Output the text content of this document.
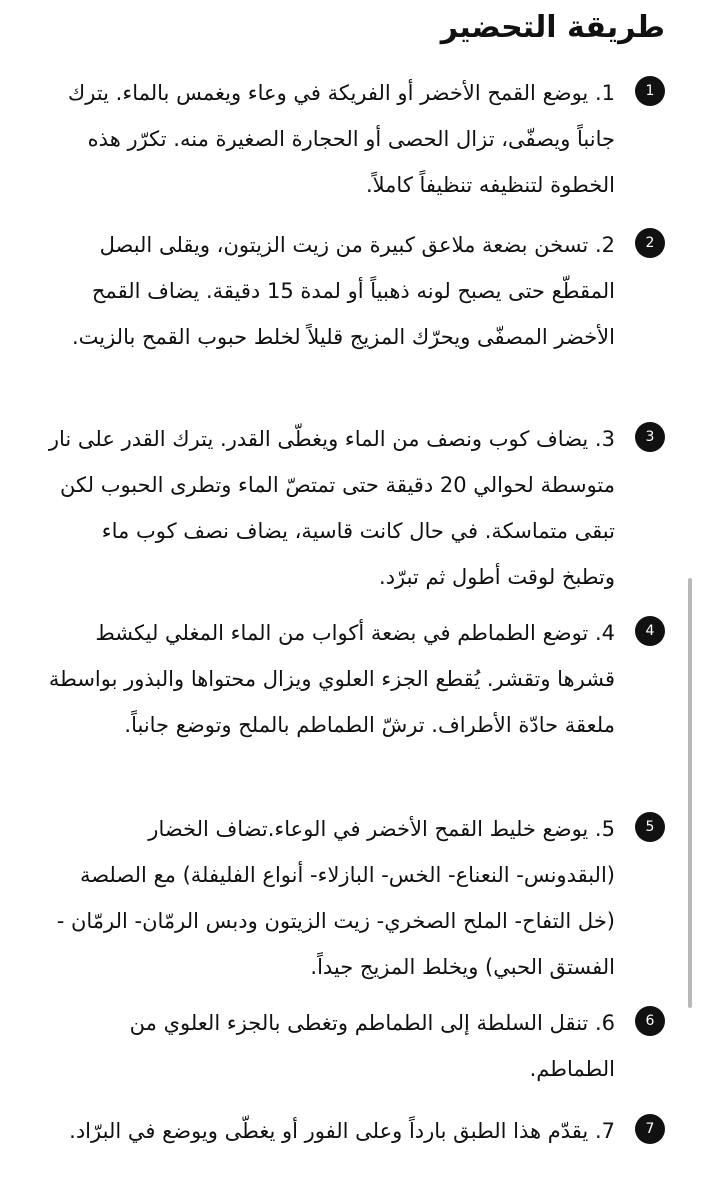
طريقة التحضير
1

1. يوضع القمح الأخضر أو الفريكة في وعاء ويغمس بالماء. يترك جانباً ويصفّى، تزال الحصى أو الحجارة الصغيرة منه. تكرّر هذه الخطوة لتنظيفه تنظيفاً كاملاً.

2

2. تسخن بضعة ملاعق كبيرة من زيت الزيتون، ويقلى البصل المقطّع حتى يصبح لونه ذهبياً أو لمدة 15 دقيقة. يضاف القمح الأخضر المصفّى ويحرّك المزيج قليلاً لخلط حبوب القمح بالزيت.

3

3. يضاف كوب ونصف من الماء ويغطّى القدر. يترك القدر على نار متوسطة لحوالي 20 دقيقة حتى تمتصّ الماء وتطرى الحبوب لكن تبقى متماسكة. في حال كانت قاسية، يضاف نصف كوب ماء وتطبخ لوقت أطول ثم تبرّد.

4

4. توضع الطماطم في بضعة أكواب من الماء المغلي ليكشط قشرها وتقشر. يُقطع الجزء العلوي ويزال محتواها والبذور بواسطة ملعقة حادّة الأطراف. ترشّ الطماطم بالملح وتوضع جانباً.

5

5. يوضع خليط القمح الأخضر في الوعاء.تضاف الخضار (البقدونس- النعناع- الخس- البازلاء- أنواع الفليفلة) مع الصلصة (خل التفاح- الملح الصخري- زيت الزيتون ودبس الرمّان- الرمّان - الفستق الحبي) ويخلط المزيج جيداً.

6

6. تنقل السلطة إلى الطماطم وتغطى بالجزء العلوي من الطماطم.

7

7. يقدّم هذا الطبق بارداً وعلى الفور أو يغطّى ويوضع في البرّاد.
